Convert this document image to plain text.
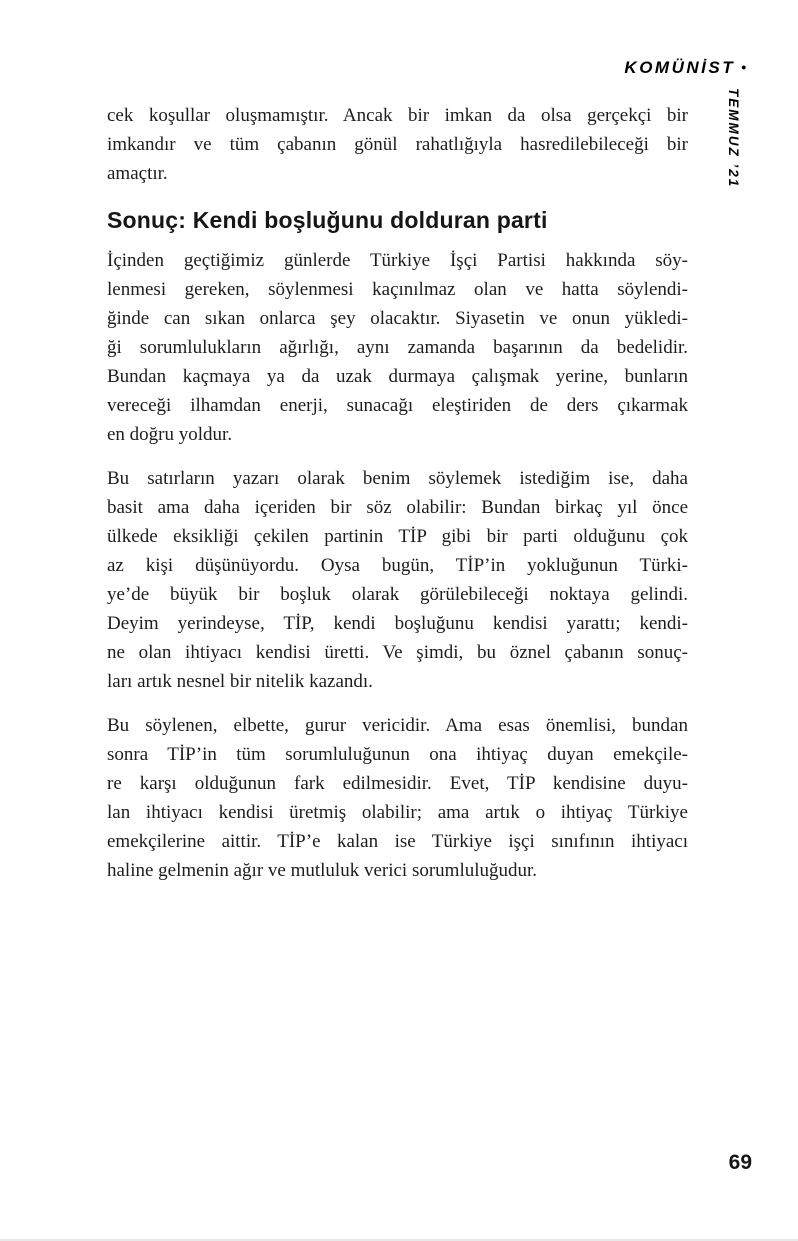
KOMÜNİST •
TEMMUZ ’21

cek koşullar oluşmamıştır. Ancak bir imkan da olsa gerçekçi bir
imkandır ve tüm çabanın gönül rahatlığıyla hasredilebileceği bir
amaçtır.

Sonuç: Kendi boşluğunu dolduran parti

İçinden geçtiğimiz günlerde Türkiye İşçi Partisi hakkında söy-
lenmesi gereken, söylenmesi kaçınılmaz olan ve hatta söylendi-
ğinde can sıkan onlarca şey olacaktır. Siyasetin ve onun yükledi-
ği sorumlulukların ağırlığı, aynı zamanda başarının da bedelidir.
Bundan kaçmaya ya da uzak durmaya çalışmak yerine, bunların
vereceği ilhamdan enerji, sunacağı eleştiriden de ders çıkarmak
en doğru yoldur.

Bu satırların yazarı olarak benim söylemek istediğim ise, daha
basit ama daha içeriden bir söz olabilir: Bundan birkaç yıl önce
ülkede eksikliği çekilen partinin TİP gibi bir parti olduğunu çok
az kişi düşünüyordu. Oysa bugün, TİP’in yokluğunun Türki-
ye’de büyük bir boşluk olarak görülebileceği noktaya gelindi.
Deyim yerindeyse, TİP, kendi boşluğunu kendisi yarattı; kendi-
ne olan ihtiyacı kendisi üretti. Ve şimdi, bu öznel çabanın sonuç-
ları artık nesnel bir nitelik kazandı.

Bu söylenen, elbette, gurur vericidir. Ama esas önemlisi, bundan
sonra TİP’in tüm sorumluluğunun ona ihtiyaç duyan emekçile-
re karşı olduğunun fark edilmesidir. Evet, TİP kendisine duyu-
lan ihtiyacı kendisi üretmiş olabilir; ama artık o ihtiyaç Türkiye
emekçilerine aittir. TİP’e kalan ise Türkiye işçi sınıfının ihtiyacı
haline gelmenin ağır ve mutluluk verici sorumluluğudur.

69
